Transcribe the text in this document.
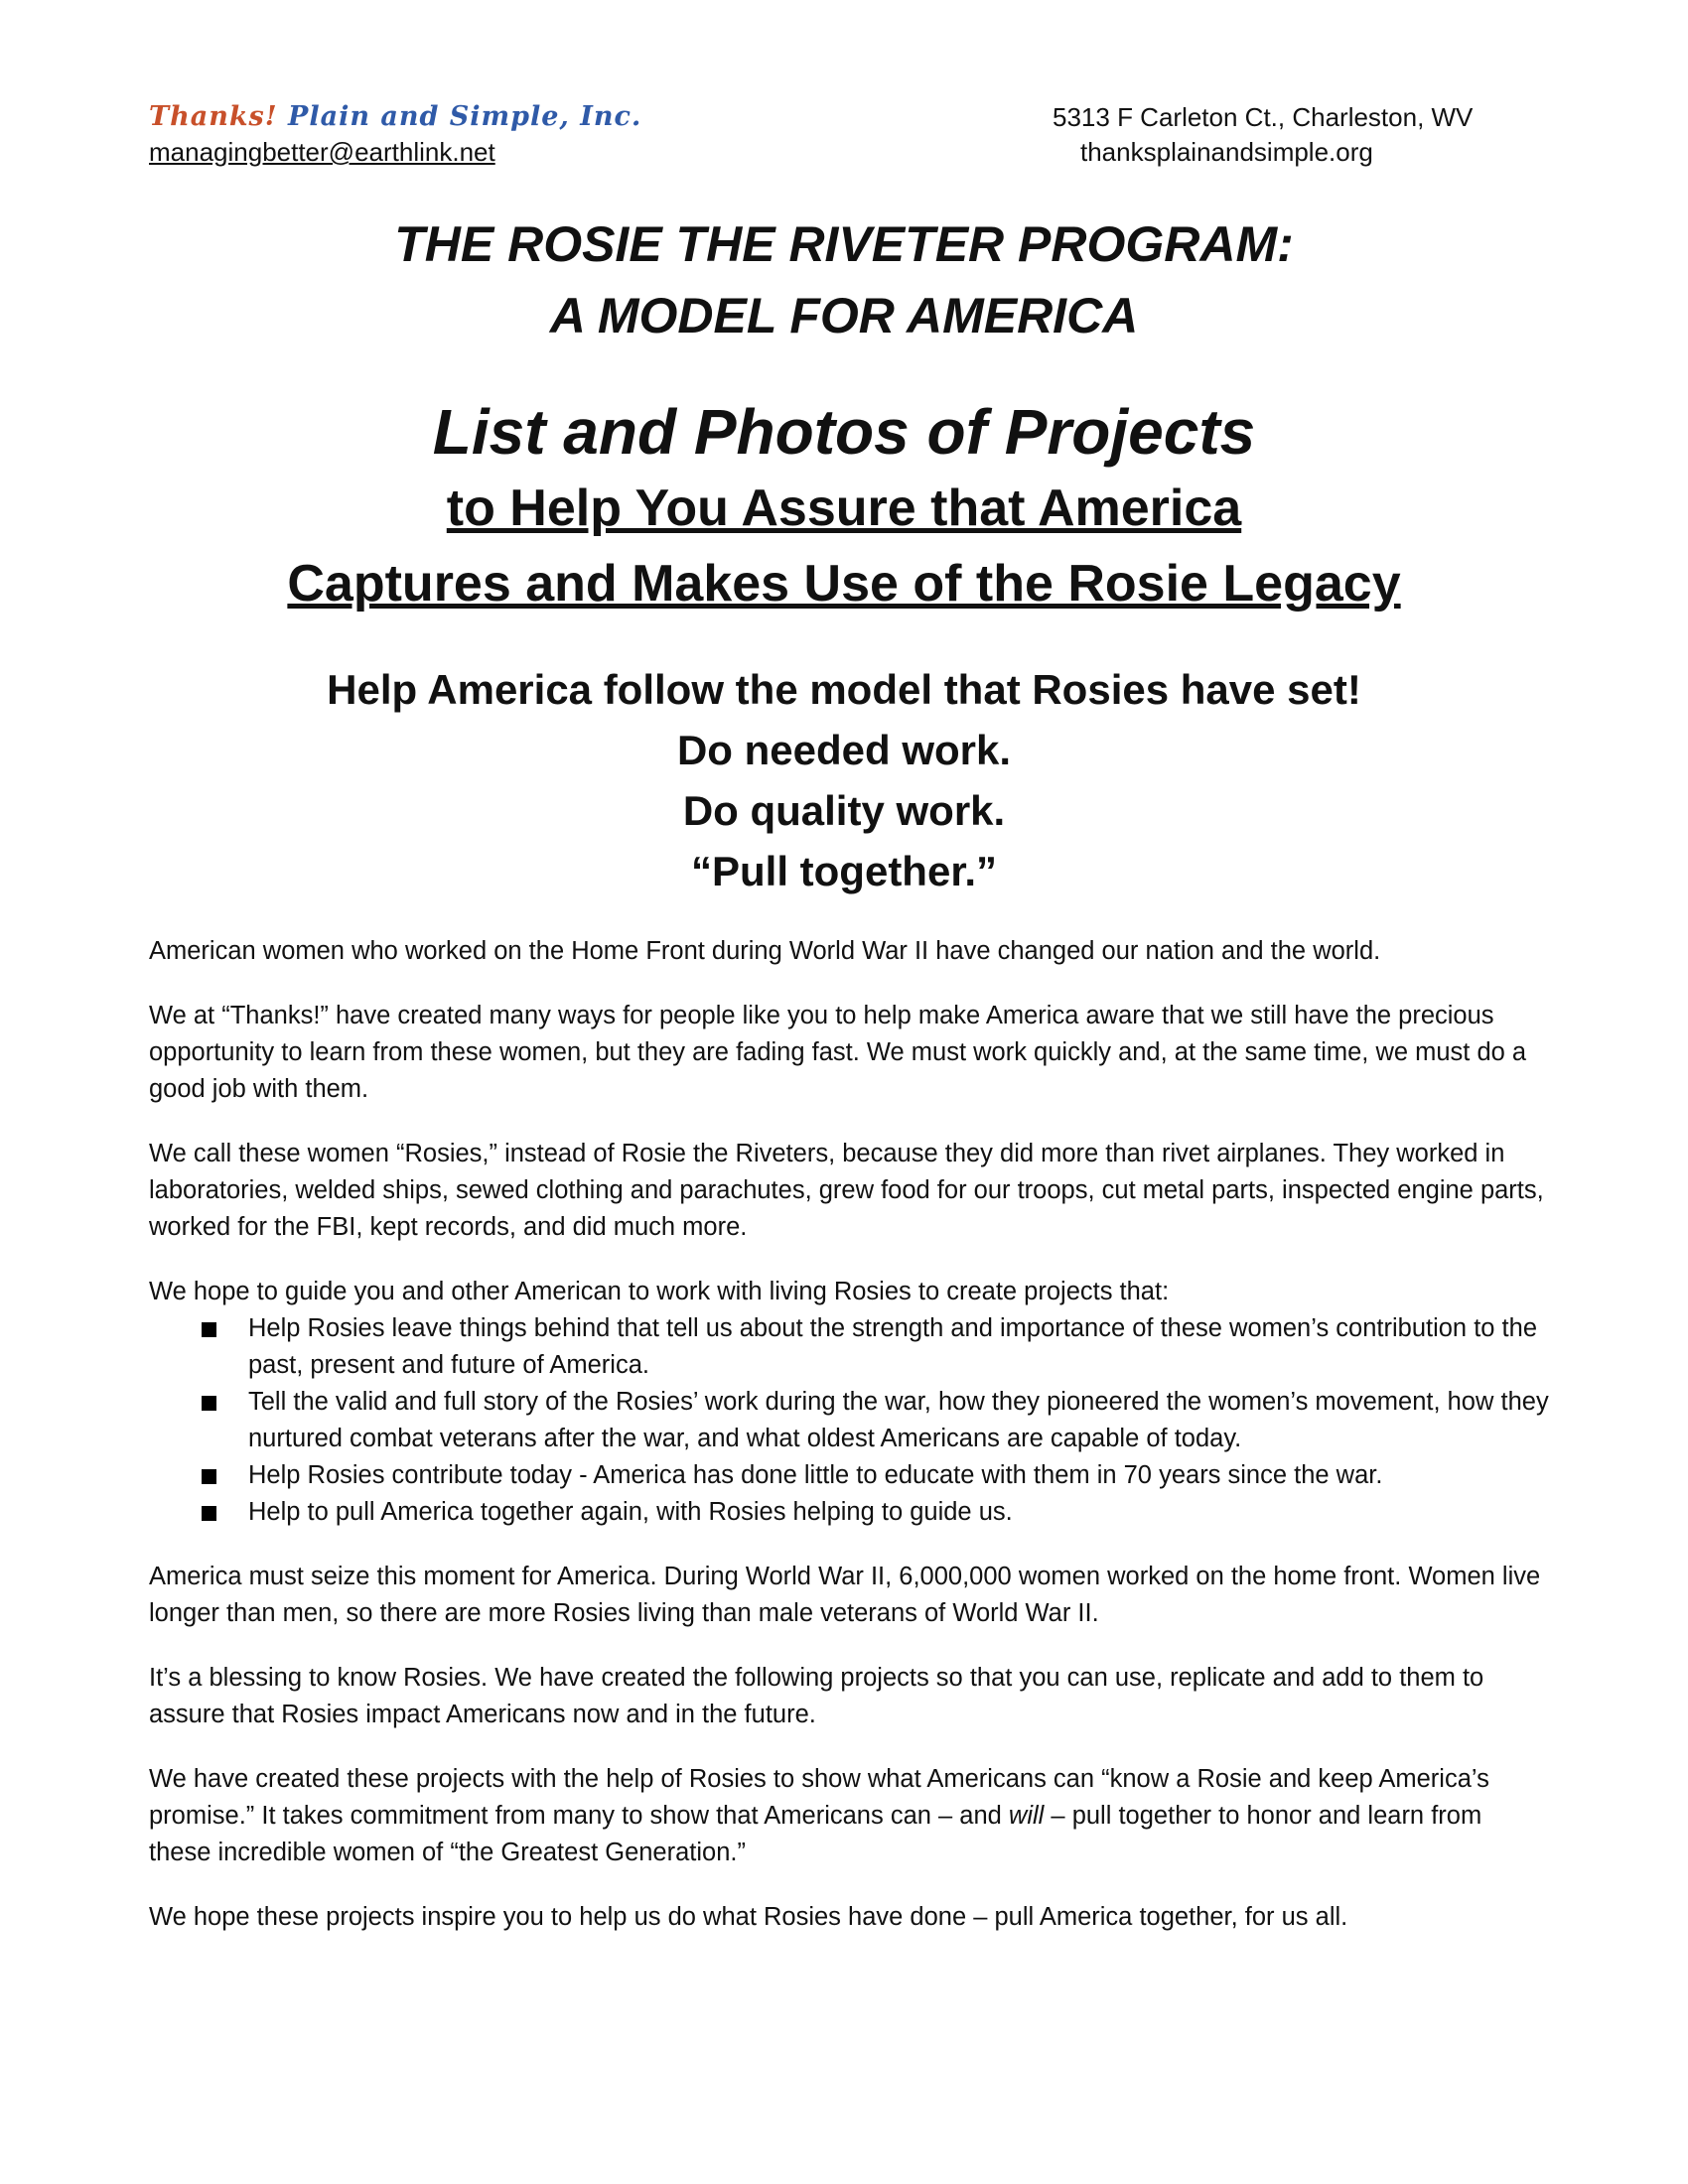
Thanks! Plain and Simple, Inc.
managingbetter@earthlink.net
5313 F Carleton Ct., Charleston, WV
thanksplainandsimple.org
THE ROSIE THE RIVETER PROGRAM:
A MODEL FOR AMERICA
List and Photos of Projects
to Help You Assure that America
Captures and Makes Use of the Rosie Legacy
Help America follow the model that Rosies have set!
Do needed work.
Do quality work.
“Pull together.”

American women who worked on the Home Front during World War II have changed our nation and the world.

We at “Thanks!” have created many ways for people like you to help make America aware that we still have the precious opportunity to learn from these women, but they are fading fast. We must work quickly and, at the same time, we must do a good job with them.

We call these women “Rosies,” instead of Rosie the Riveters, because they did more than rivet airplanes. They worked in laboratories, welded ships, sewed clothing and parachutes, grew food for our troops, cut metal parts, inspected engine parts, worked for the FBI, kept records, and did much more.

We hope to guide you and other American to work with living Rosies to create projects that:

Help Rosies leave things behind that tell us about the strength and importance of these women’s contribution to the past, present and future of America.
Tell the valid and full story of the Rosies’ work during the war, how they pioneered the women’s movement, how they nurtured combat veterans after the war, and what oldest Americans are capable of today.
Help Rosies contribute today - America has done little to educate with them in 70 years since the war.
Help to pull America together again, with Rosies helping to guide us.

America must seize this moment for America. During World War II, 6,000,000 women worked on the home front. Women live longer than men, so there are more Rosies living than male veterans of World War II.

It’s a blessing to know Rosies. We have created the following projects so that you can use, replicate and add to them to assure that Rosies impact Americans now and in the future.

We have created these projects with the help of Rosies to show what Americans can “know a Rosie and keep America’s promise.” It takes commitment from many to show that Americans can – and will – pull together to honor and learn from these incredible women of “the Greatest Generation.”

We hope these projects inspire you to help us do what Rosies have done – pull America together, for us all.
